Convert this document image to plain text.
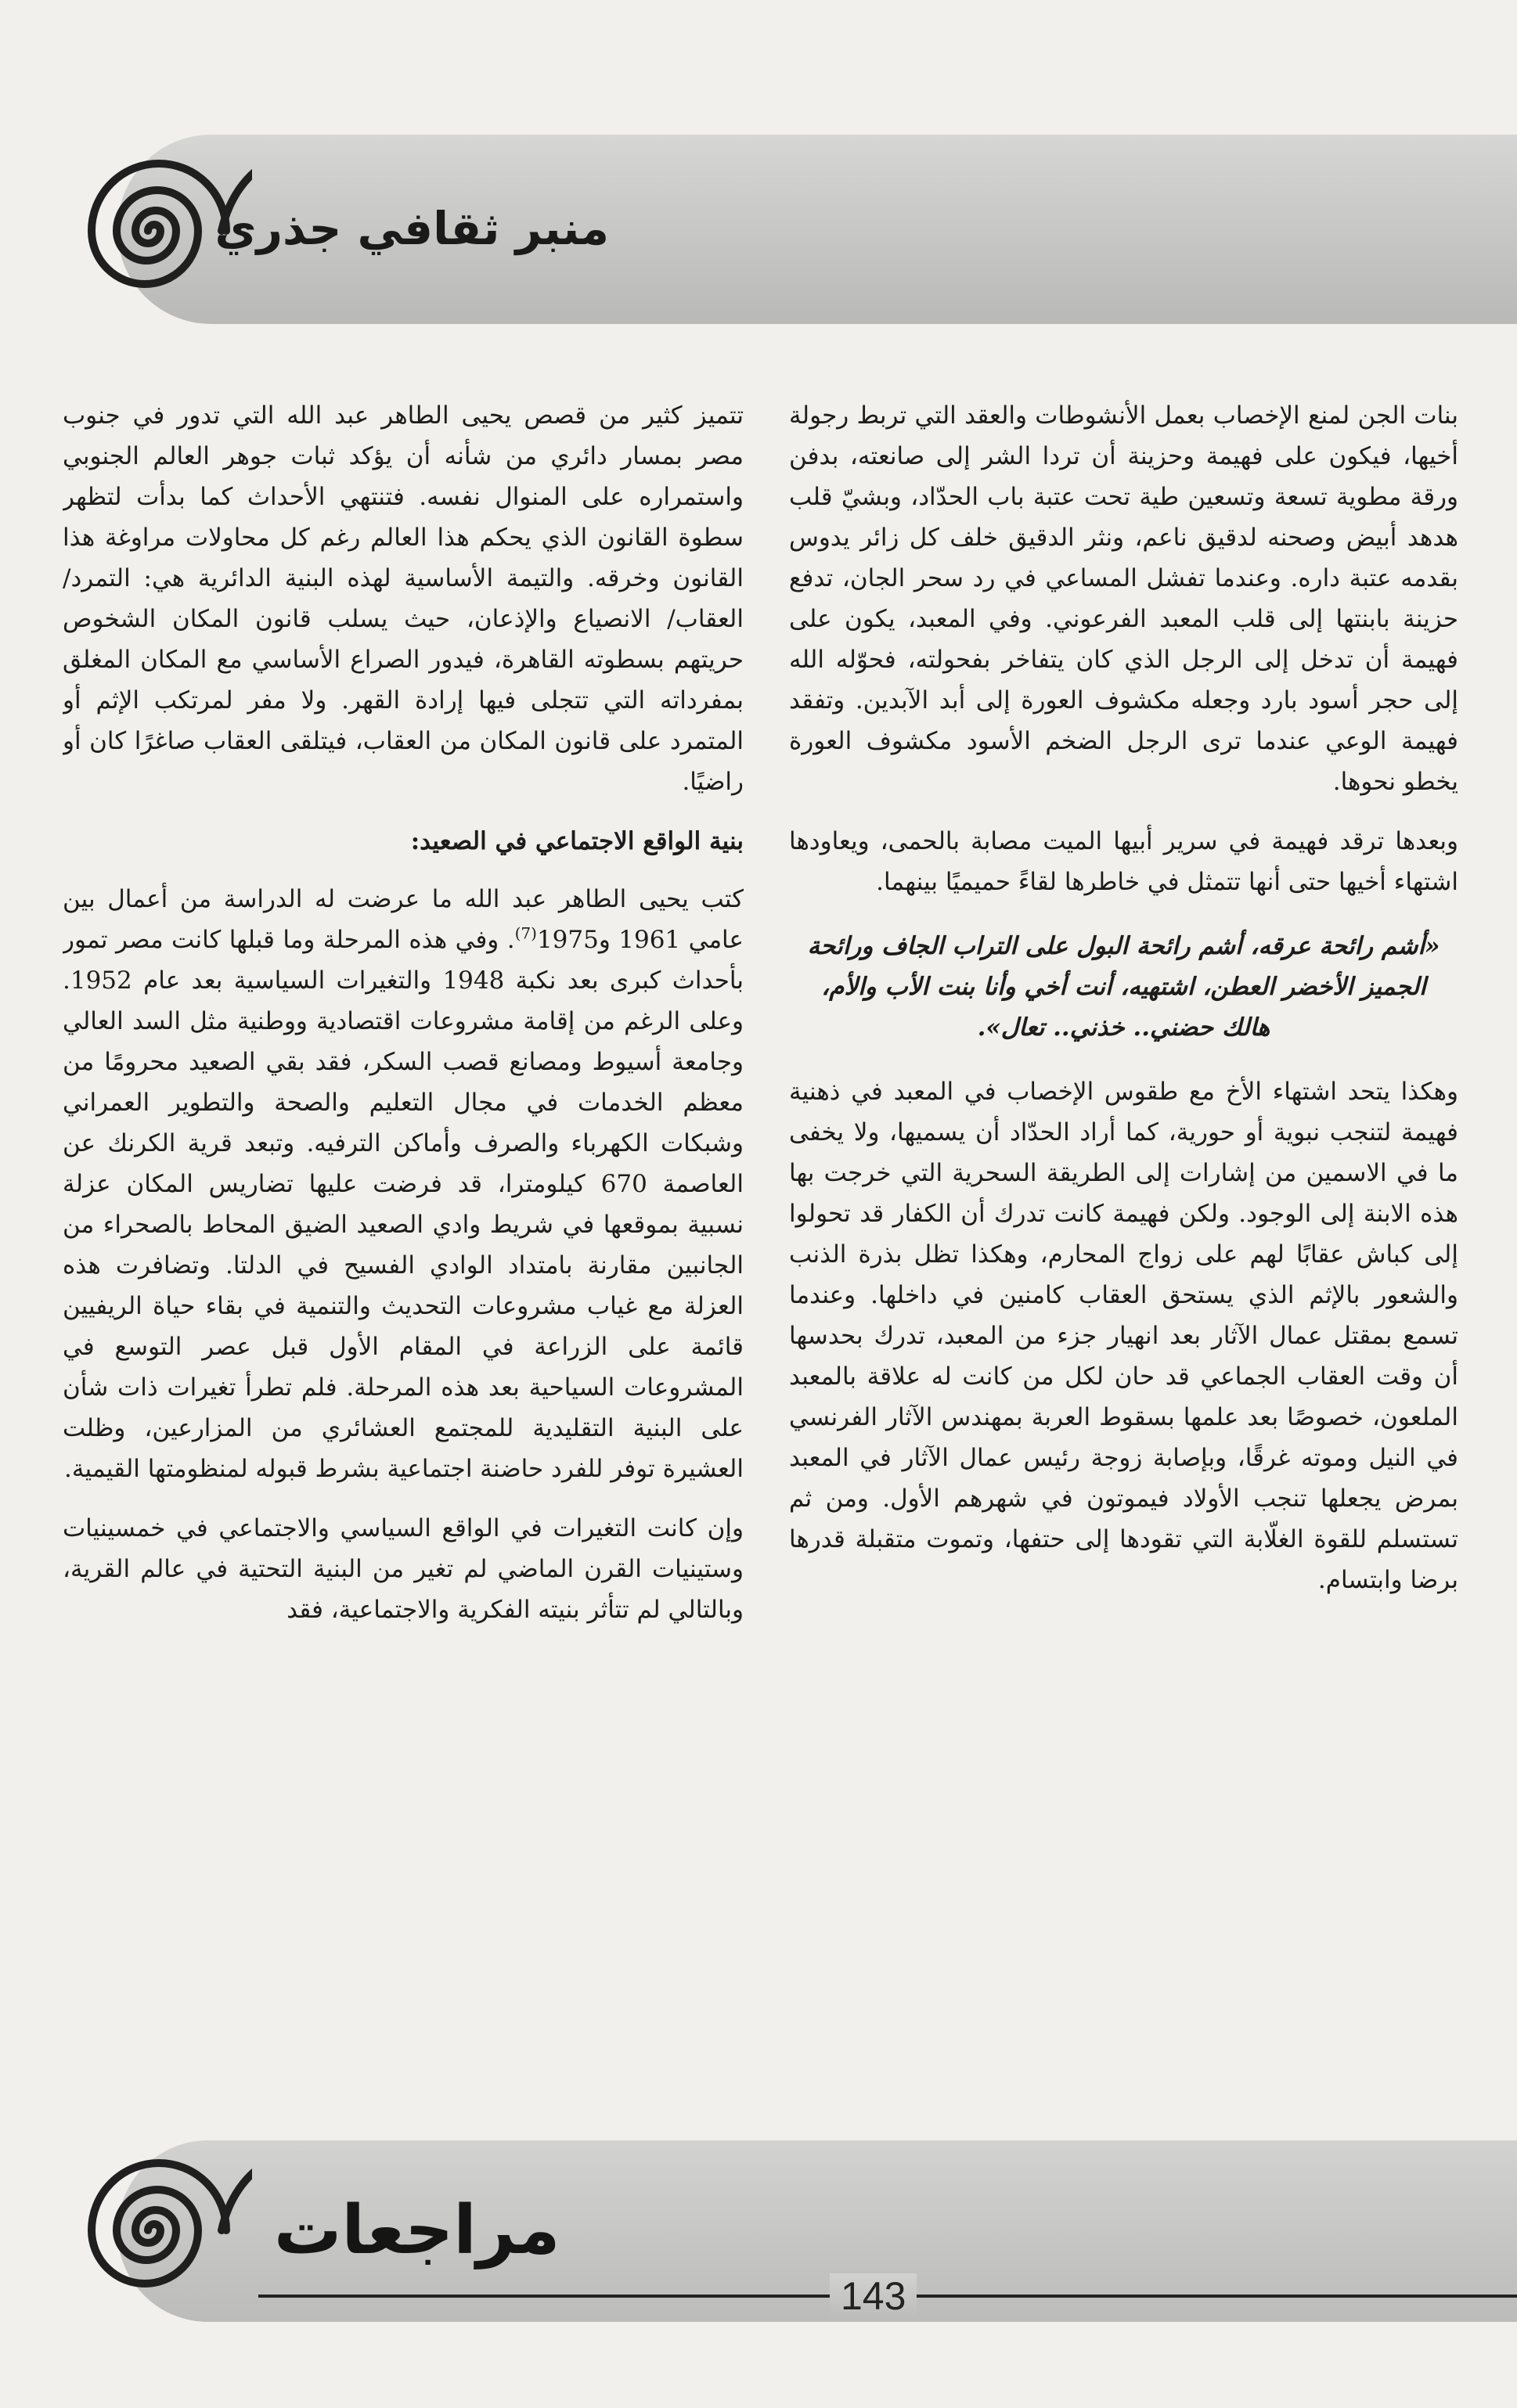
منبر ثقافي جذري

بنات الجن لمنع الإخصاب بعمل الأنشوطات والعقد التي تربط رجولة أخيها، فيكون على فهيمة وحزينة أن تردا الشر إلى صانعته، بدفن ورقة مطوية تسعة وتسعين طية تحت عتبة باب الحدّاد، وبشيّ قلب هدهد أبيض وصحنه لدقيق ناعم، ونثر الدقيق خلف كل زائر يدوس بقدمه عتبة داره. وعندما تفشل المساعي في رد سحر الجان، تدفع حزينة بابنتها إلى قلب المعبد الفرعوني. وفي المعبد، يكون على فهيمة أن تدخل إلى الرجل الذي كان يتفاخر بفحولته، فحوّله الله إلى حجر أسود بارد وجعله مكشوف العورة إلى أبد الآبدين. وتفقد فهيمة الوعي عندما ترى الرجل الضخم الأسود مكشوف العورة يخطو نحوها.

وبعدها ترقد فهيمة في سرير أبيها الميت مصابة بالحمى، ويعاودها اشتهاء أخيها حتى أنها تتمثل في خاطرها لقاءً حميميًا بينهما.

«أشم رائحة عرقه، أشم رائحة البول على التراب الجاف ورائحة الجميز الأخضر العطن، اشتهيه، أنت أخي وأنا بنت الأب والأم، هالك حضني.. خذني.. تعال».

وهكذا يتحد اشتهاء الأخ مع طقوس الإخصاب في المعبد في ذهنية فهيمة لتنجب نبوية أو حورية، كما أراد الحدّاد أن يسميها، ولا يخفى ما في الاسمين من إشارات إلى الطريقة السحرية التي خرجت بها هذه الابنة إلى الوجود. ولكن فهيمة كانت تدرك أن الكفار قد تحولوا إلى كباش عقابًا لهم على زواج المحارم، وهكذا تظل بذرة الذنب والشعور بالإثم الذي يستحق العقاب كامنين في داخلها. وعندما تسمع بمقتل عمال الآثار بعد انهيار جزء من المعبد، تدرك بحدسها أن وقت العقاب الجماعي قد حان لكل من كانت له علاقة بالمعبد الملعون، خصوصًا بعد علمها بسقوط العربة بمهندس الآثار الفرنسي في النيل وموته غرقًا، وبإصابة زوجة رئيس عمال الآثار في المعبد بمرض يجعلها تنجب الأولاد فيموتون في شهرهم الأول. ومن ثم تستسلم للقوة الغلّابة التي تقودها إلى حتفها، وتموت متقبلة قدرها برضا وابتسام.

تتميز كثير من قصص يحيى الطاهر عبد الله التي تدور في جنوب مصر بمسار دائري من شأنه أن يؤكد ثبات جوهر العالم الجنوبي واستمراره على المنوال نفسه. فتنتهي الأحداث كما بدأت لتظهر سطوة القانون الذي يحكم هذا العالم رغم كل محاولات مراوغة هذا القانون وخرقه. والتيمة الأساسية لهذه البنية الدائرية هي: التمرد/ العقاب/ الانصياع والإذعان، حيث يسلب قانون المكان الشخوص حريتهم بسطوته القاهرة، فيدور الصراع الأساسي مع المكان المغلق بمفرداته التي تتجلى فيها إرادة القهر. ولا مفر لمرتكب الإثم أو المتمرد على قانون المكان من العقاب، فيتلقى العقاب صاغرًا كان أو راضيًا.

بنية الواقع الاجتماعي في الصعيد:

كتب يحيى الطاهر عبد الله ما عرضت له الدراسة من أعمال بين عامي 1961 و1975$^{(7)}$. وفي هذه المرحلة وما قبلها كانت مصر تمور بأحداث كبرى بعد نكبة 1948 والتغيرات السياسية بعد عام 1952. وعلى الرغم من إقامة مشروعات اقتصادية ووطنية مثل السد العالي وجامعة أسيوط ومصانع قصب السكر، فقد بقي الصعيد محرومًا من معظم الخدمات في مجال التعليم والصحة والتطوير العمراني وشبكات الكهرباء والصرف وأماكن الترفيه. وتبعد قرية الكرنك عن العاصمة 670 كيلومترا، قد فرضت عليها تضاريس المكان عزلة نسبية بموقعها في شريط وادي الصعيد الضيق المحاط بالصحراء من الجانبين مقارنة بامتداد الوادي الفسيح في الدلتا. وتضافرت هذه العزلة مع غياب مشروعات التحديث والتنمية في بقاء حياة الريفيين قائمة على الزراعة في المقام الأول قبل عصر التوسع في المشروعات السياحية بعد هذه المرحلة. فلم تطرأ تغيرات ذات شأن على البنية التقليدية للمجتمع العشائري من المزارعين، وظلت العشيرة توفر للفرد حاضنة اجتماعية بشرط قبوله لمنظومتها القيمية.

وإن كانت التغيرات في الواقع السياسي والاجتماعي في خمسينيات وستينيات القرن الماضي لم تغير من البنية التحتية في عالم القرية، وبالتالي لم تتأثر بنيته الفكرية والاجتماعية، فقد

مراجعات
143
